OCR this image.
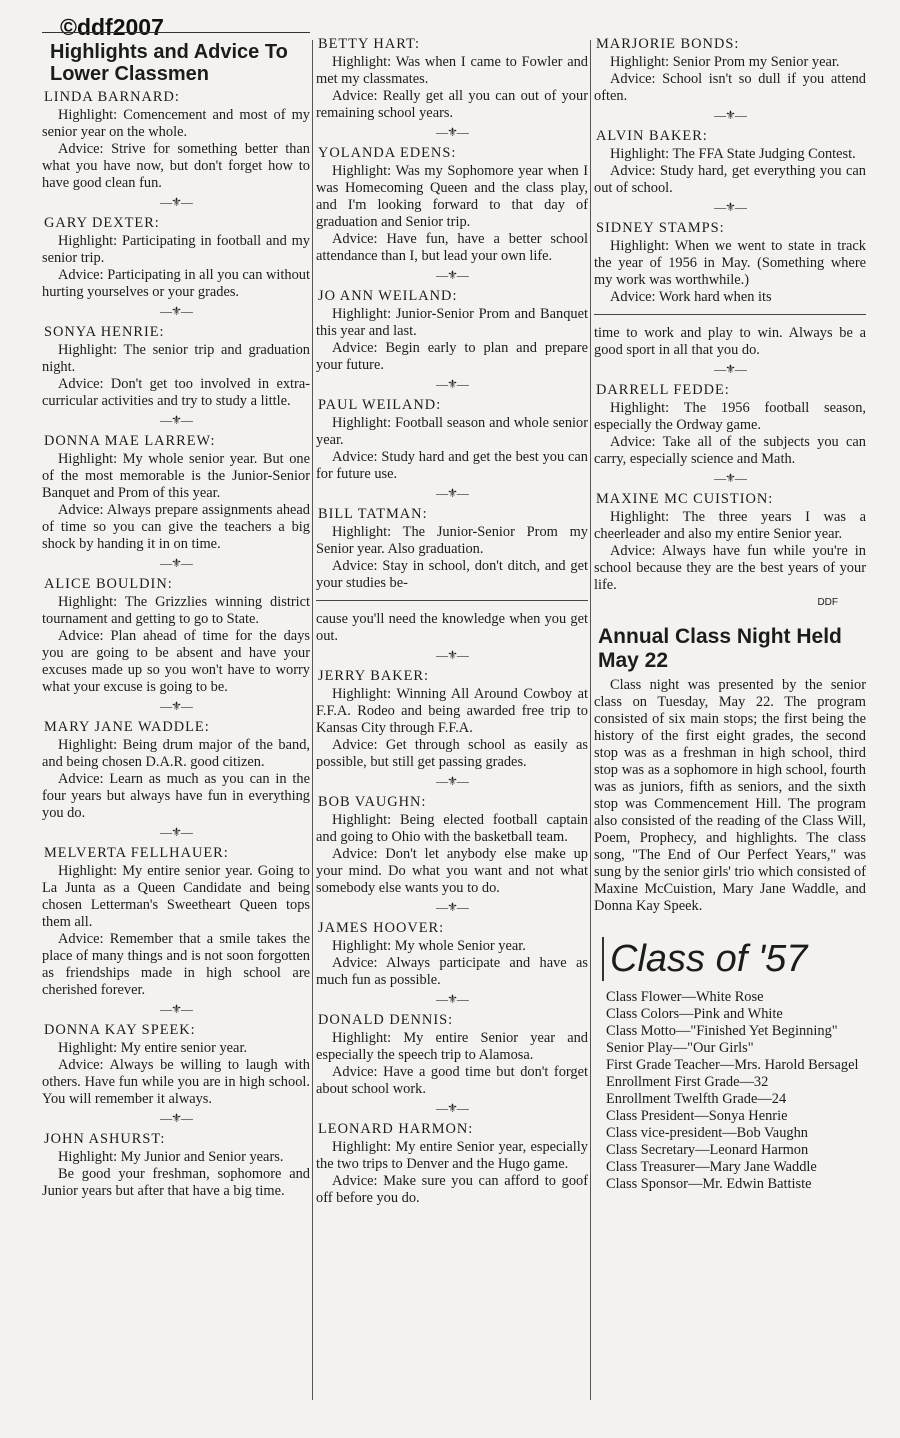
©ddf2007
Highlights and Advice To Lower Classmen
LINDA BARNARD:

Highlight: Comencement and most of my senior year on the whole.

Advice: Strive for something better than what you have now, but don't forget how to have good clean fun.

—⚜—
GARY DEXTER:

Highlight: Participating in football and my senior trip.

Advice: Participating in all you can without hurting yourselves or your grades.

—⚜—
SONYA HENRIE:

Highlight: The senior trip and graduation night.

Advice: Don't get too involved in extra-curricular activities and try to study a little.

—⚜—
DONNA MAE LARREW:

Highlight: My whole senior year. But one of the most memorable is the Junior-Senior Banquet and Prom of this year.

Advice: Always prepare assignments ahead of time so you can give the teachers a big shock by handing it in on time.

—⚜—
ALICE BOULDIN:

Highlight: The Grizzlies winning district tournament and getting to go to State.

Advice: Plan ahead of time for the days you are going to be absent and have your excuses made up so you won't have to worry what your excuse is going to be.

—⚜—
MARY JANE WADDLE:

Highlight: Being drum major of the band, and being chosen D.A.R. good citizen.

Advice: Learn as much as you can in the four years but always have fun in everything you do.

—⚜—
MELVERTA FELLHAUER:

Highlight: My entire senior year. Going to La Junta as a Queen Candidate and being chosen Letterman's Sweetheart Queen tops them all.

Advice: Remember that a smile takes the place of many things and is not soon forgotten as friendships made in high school are cherished forever.

—⚜—
DONNA KAY SPEEK:

Highlight: My entire senior year.

Advice: Always be willing to laugh with others. Have fun while you are in high school. You will remember it always.

—⚜—
JOHN ASHURST:

Highlight: My Junior and Senior years.

Be good your freshman, sophomore and Junior years but after that have a big time.

BETTY HART:

Highlight: Was when I came to Fowler and met my classmates.

Advice: Really get all you can out of your remaining school years.

—⚜—
YOLANDA EDENS:

Highlight: Was my Sophomore year when I was Homecoming Queen and the class play, and I'm looking forward to that day of graduation and Senior trip.

Advice: Have fun, have a better school attendance than I, but lead your own life.

—⚜—
JO ANN WEILAND:

Highlight: Junior-Senior Prom and Banquet this year and last.

Advice: Begin early to plan and prepare your future.

—⚜—
PAUL WEILAND:

Highlight: Football season and whole senior year.

Advice: Study hard and get the best you can for future use.

—⚜—
BILL TATMAN:

Highlight: The Junior-Senior Prom my Senior year. Also graduation.

Advice: Stay in school, don't ditch, and get your studies be-

cause you'll need the knowledge when you get out.

—⚜—
JERRY BAKER:

Highlight: Winning All Around Cowboy at F.F.A. Rodeo and being awarded free trip to Kansas City through F.F.A.

Advice: Get through school as easily as possible, but still get passing grades.

—⚜—
BOB VAUGHN:

Highlight: Being elected football captain and going to Ohio with the basketball team.

Advice: Don't let anybody else make up your mind. Do what you want and not what somebody else wants you to do.

—⚜—
JAMES HOOVER:

Highlight: My whole Senior year.

Advice: Always participate and have as much fun as possible.

—⚜—
DONALD DENNIS:

Highlight: My entire Senior year and especially the speech trip to Alamosa.

Advice: Have a good time but don't forget about school work.

—⚜—
LEONARD HARMON:

Highlight: My entire Senior year, especially the two trips to Denver and the Hugo game.

Advice: Make sure you can afford to goof off before you do.

MARJORIE BONDS:

Highlight: Senior Prom my Senior year.

Advice: School isn't so dull if you attend often.

—⚜—
ALVIN BAKER:

Highlight: The FFA State Judging Contest.

Advice: Study hard, get everything you can out of school.

—⚜—
SIDNEY STAMPS:

Highlight: When we went to state in track the year of 1956 in May. (Something where my work was worthwhile.)

Advice: Work hard when its

time to work and play to win. Always be a good sport in all that you do.

—⚜—
DARRELL FEDDE:

Highlight: The 1956 football season, especially the Ordway game.

Advice: Take all of the subjects you can carry, especially science and Math.

—⚜—
MAXINE MC CUISTION:

Highlight: The three years I was a cheerleader and also my entire Senior year.

Advice: Always have fun while you're in school because they are the best years of your life.

DDF
Annual Class Night Held May 22

Class night was presented by the senior class on Tuesday, May 22. The program consisted of six main stops; the first being the history of the first eight grades, the second stop was as a freshman in high school, third stop was as a sophomore in high school, fourth was as juniors, fifth as seniors, and the sixth stop was Commencement Hill. The program also consisted of the reading of the Class Will, Poem, Prophecy, and highlights. The class song, "The End of Our Perfect Years," was sung by the senior girls' trio which consisted of Maxine McCuistion, Mary Jane Waddle, and Donna Kay Speek.

Class of '57
Class Flower—White Rose
Class Colors—Pink and White
Class Motto—"Finished Yet Beginning"
Senior Play—"Our Girls"
First Grade Teacher—Mrs. Harold Bersagel
Enrollment First Grade—32
Enrollment Twelfth Grade—24
Class President—Sonya Henrie
Class vice-president—Bob Vaughn
Class Secretary—Leonard Harmon
Class Treasurer—Mary Jane Waddle
Class Sponsor—Mr. Edwin Battiste
